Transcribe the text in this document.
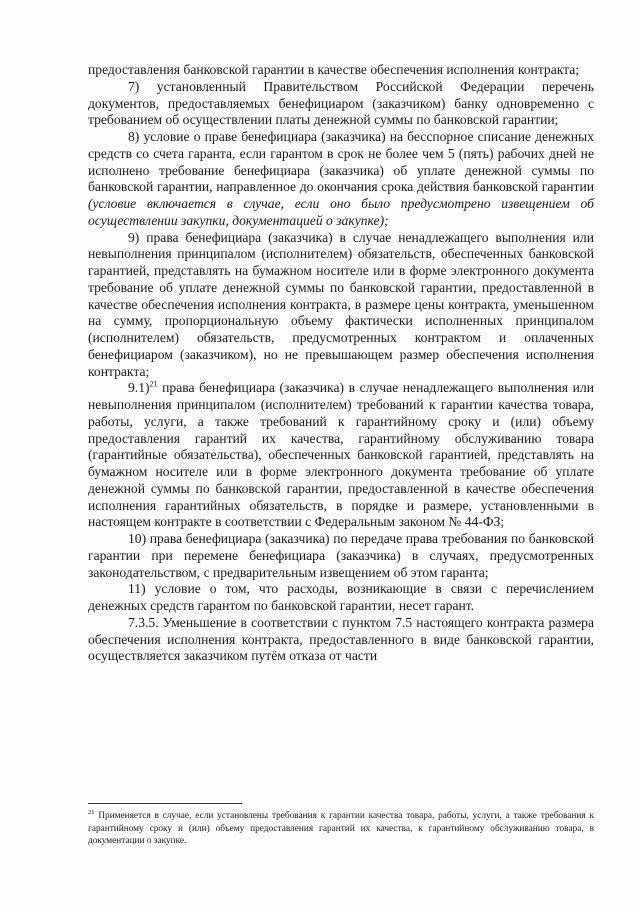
предоставления банковской гарантии в качестве обеспечения исполнения контракта;

7) установленный Правительством Российской Федерации перечень документов, предоставляемых бенефициаром (заказчиком) банку одновременно с требованием об осуществлении платы денежной суммы по банковской гарантии;

8) условие о праве бенефициара (заказчика) на бесспорное списание денежных средств со счета гаранта, если гарантом в срок не более чем 5 (пять) рабочих дней не исполнено требование бенефициара (заказчика) об уплате денежной суммы по банковской гарантии, направленное до окончания срока действия банковской гарантии (условие включается в случае, если оно было предусмотрено извещением об осуществлении закупки, документацией о закупке);

9) права бенефициара (заказчика) в случае ненадлежащего выполнения или невыполнения принципалом (исполнителем) обязательств, обеспеченных банковской гарантией, представлять на бумажном носителе или в форме электронного документа требование об уплате денежной суммы по банковской гарантии, предоставленной в качестве обеспечения исполнения контракта, в размере цены контракта, уменьшенном на сумму, пропорциональную объему фактически исполненных принципалом (исполнителем) обязательств, предусмотренных контрактом и оплаченных бенефициаром (заказчиком), но не превышающем размер обеспечения исполнения контракта;

9.1)$^{21}$ права бенефициара (заказчика) в случае ненадлежащего выполнения или невыполнения принципалом (исполнителем) требований к гарантии качества товара, работы, услуги, а также требований к гарантийному сроку и (или) объему предоставления гарантий их качества, гарантийному обслуживанию товара (гарантийные обязательства), обеспеченных банковской гарантией, представлять на бумажном носителе или в форме электронного документа требование об уплате денежной суммы по банковской гарантии, предоставленной в качестве обеспечения исполнения гарантийных обязательств, в порядке и размере, установленными в настоящем контракте в соответствии с Федеральным законом № 44-ФЗ;

10) права бенефициара (заказчика) по передаче права требования по банковской гарантии при перемене бенефициара (заказчика) в случаях, предусмотренных законодательством, с предварительным извещением об этом гаранта;

11) условие о том, что расходы, возникающие в связи с перечислением денежных средств гарантом по банковской гарантии, несет гарант.

7.3.5. Уменьшение в соответствии с пунктом 7.5 настоящего контракта размера обеспечения исполнения контракта, предоставленного в виде банковской гарантии, осуществляется заказчиком путём отказа от части

$^{21}$ Применяется в случае, если установлены требования к гарантии качества товара, работы, услуги, а также требования к гарантийному сроку и (или) объему предоставления гарантий их качества, к гарантийному обслуживанию товара, в документации о закупке.
